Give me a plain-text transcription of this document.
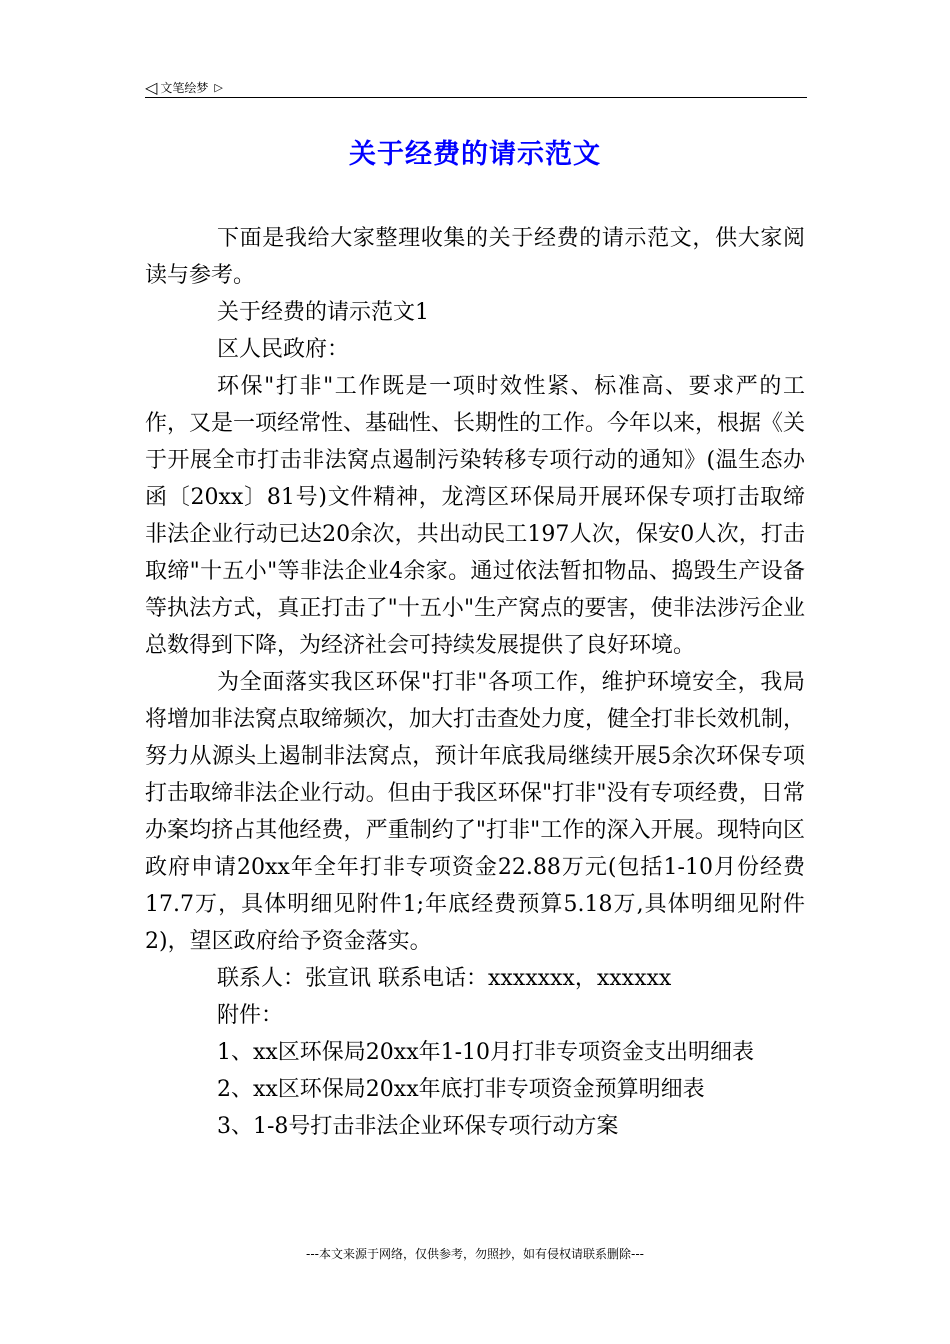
◁ 文笔绘梦 ▷
关于经费的请示范文

下面是我给大家整理收集的关于经费的请示范文，供大家阅读与参考。

关于经费的请示范文1

区人民政府：

环保"打非"工作既是一项时效性紧、标准高、要求严的工作，又是一项经常性、基础性、长期性的工作。今年以来，根据《关于开展全市打击非法窝点遏制污染转移专项行动的通知》(温生态办函〔20xx〕81号)文件精神，龙湾区环保局开展环保专项打击取缔非法企业行动已达20余次，共出动民工197人次，保安0人次，打击取缔"十五小"等非法企业4余家。通过依法暂扣物品、捣毁生产设备等执法方式，真正打击了"十五小"生产窝点的要害，使非法涉污企业总数得到下降，为经济社会可持续发展提供了良好环境。

为全面落实我区环保"打非"各项工作，维护环境安全，我局将增加非法窝点取缔频次，加大打击查处力度，健全打非长效机制，努力从源头上遏制非法窝点，预计年底我局继续开展5余次环保专项打击取缔非法企业行动。但由于我区环保"打非"没有专项经费，日常办案均挤占其他经费，严重制约了"打非"工作的深入开展。现特向区政府申请20xx年全年打非专项资金22.88万元(包括1-10月份经费17.7万，具体明细见附件1;年底经费预算5.18万,具体明细见附件2)，望区政府给予资金落实。

联系人：张宣讯 联系电话：xxxxxxx，xxxxxx

附件：

1、xx区环保局20xx年1-10月打非专项资金支出明细表

2、xx区环保局20xx年底打非专项资金预算明细表

3、1-8号打击非法企业环保专项行动方案

---本文来源于网络，仅供参考，勿照抄，如有侵权请联系删除---
